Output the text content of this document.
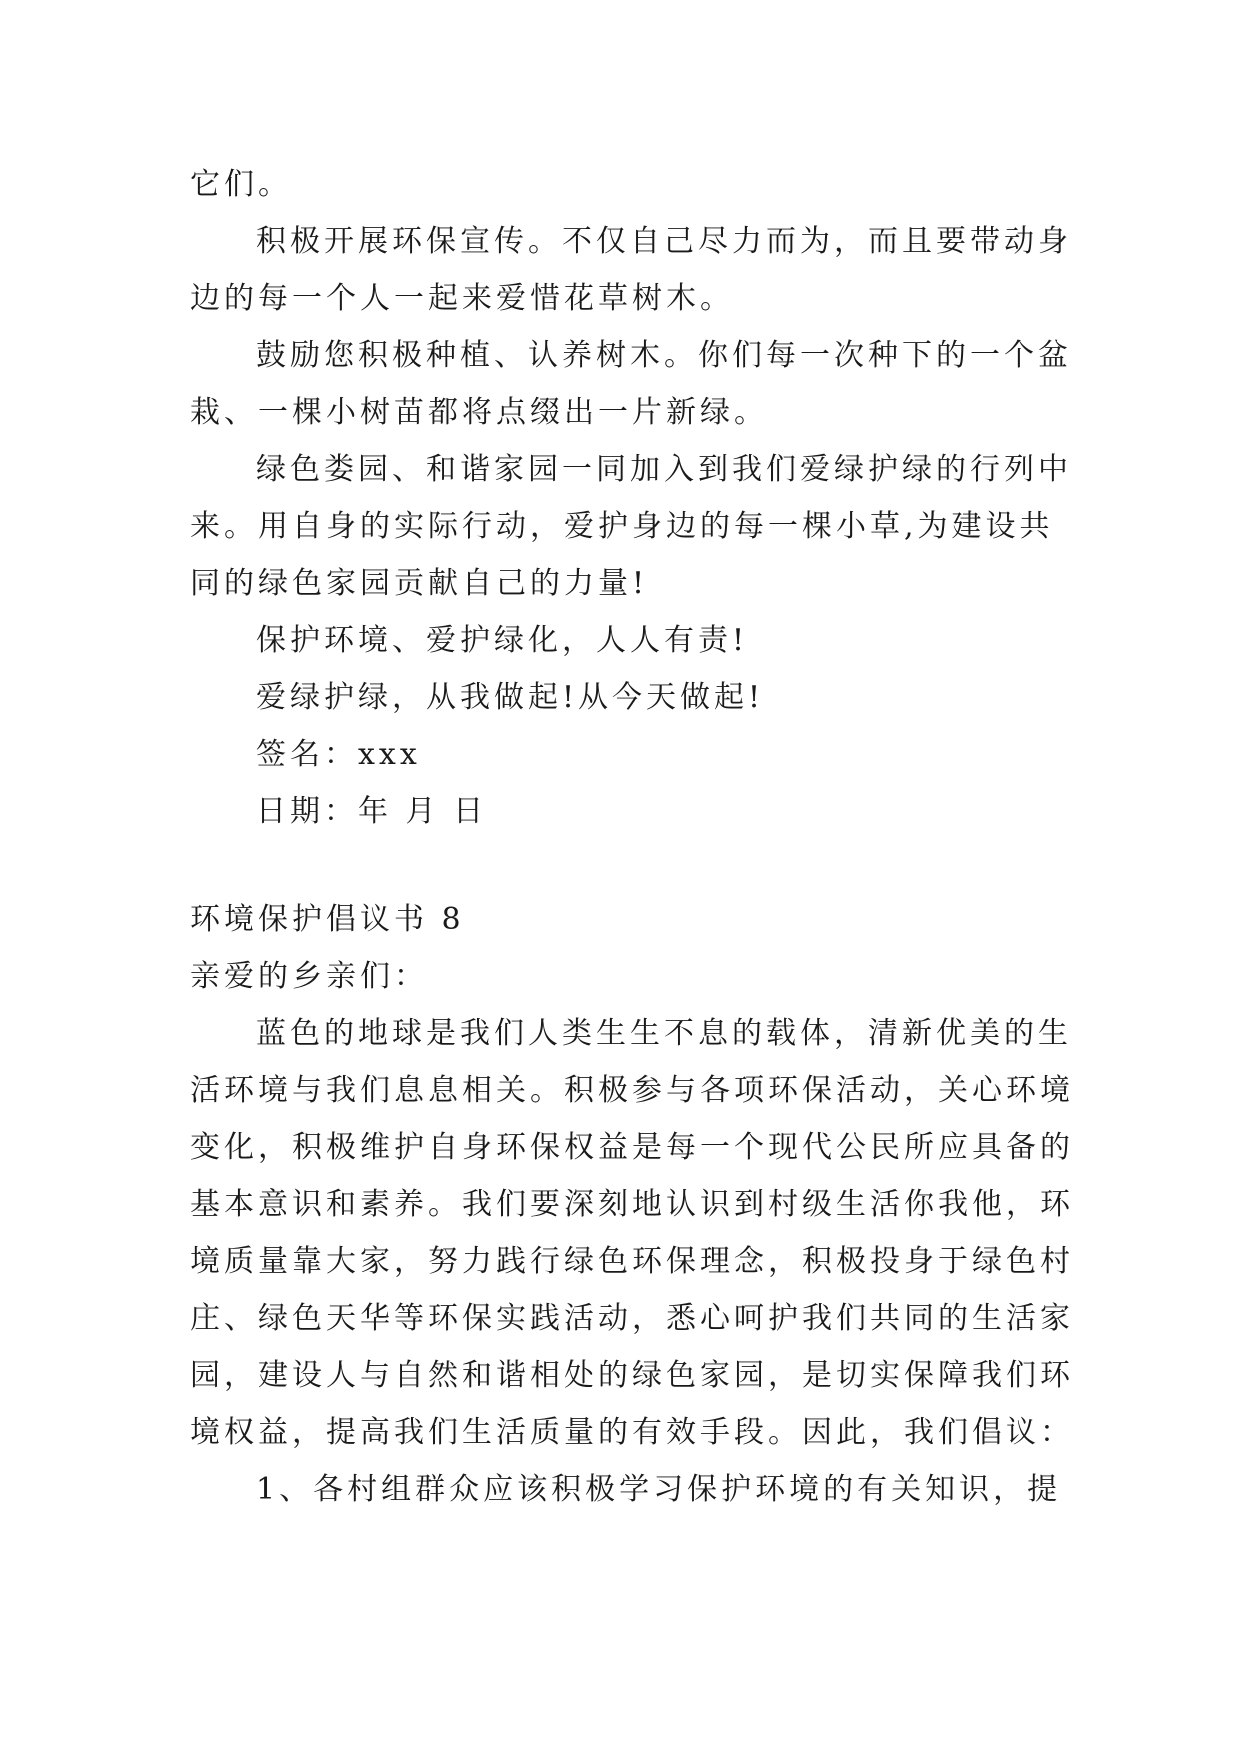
它们。
积极开展环保宣传。不仅自己尽力而为，而且要带动身
边的每一个人一起来爱惜花草树木。
鼓励您积极种植、认养树木。你们每一次种下的一个盆
栽、一棵小树苗都将点缀出一片新绿。
绿色娄园、和谐家园一同加入到我们爱绿护绿的行列中
来。用自身的实际行动，爱护身边的每一棵小草,为建设共
同的绿色家园贡献自己的力量!
保护环境、爱护绿化，人人有责!
爱绿护绿，从我做起!从今天做起!
签名：xxx
日期：年 月 日
环境保护倡议书 8
亲爱的乡亲们：
蓝色的地球是我们人类生生不息的载体，清新优美的生
活环境与我们息息相关。积极参与各项环保活动，关心环境
变化，积极维护自身环保权益是每一个现代公民所应具备的
基本意识和素养。我们要深刻地认识到村级生活你我他，环
境质量靠大家，努力践行绿色环保理念，积极投身于绿色村
庄、绿色天华等环保实践活动，悉心呵护我们共同的生活家
园，建设人与自然和谐相处的绿色家园，是切实保障我们环
境权益，提高我们生活质量的有效手段。因此，我们倡议：
1、各村组群众应该积极学习保护环境的有关知识，提
